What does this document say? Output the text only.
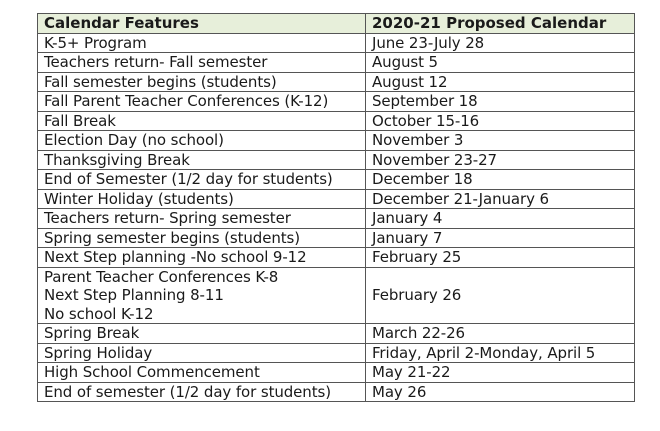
Calendar Features	2020-21 Proposed Calendar
K-5+ Program	June 23-July 28
Teachers return- Fall semester	August 5
Fall semester begins (students)	August 12
Fall Parent Teacher Conferences (K-12)	September 18
Fall Break	October 15-16
Election Day (no school)	November 3
Thanksgiving Break	November 23-27
End of Semester (1/2 day for students)	December 18
Winter Holiday (students)	December 21-January 6
Teachers return- Spring semester	January 4
Spring semester begins (students)	January 7
Next Step planning -No school 9-12	February 25

Parent Teacher Conferences K-8
Next Step Planning 8-11
No school K-12	February 26
Spring Break	March 22-26
Spring Holiday	Friday, April 2-Monday, April 5
High School Commencement	May 21-22
End of semester (1/2 day for students)	May 26
